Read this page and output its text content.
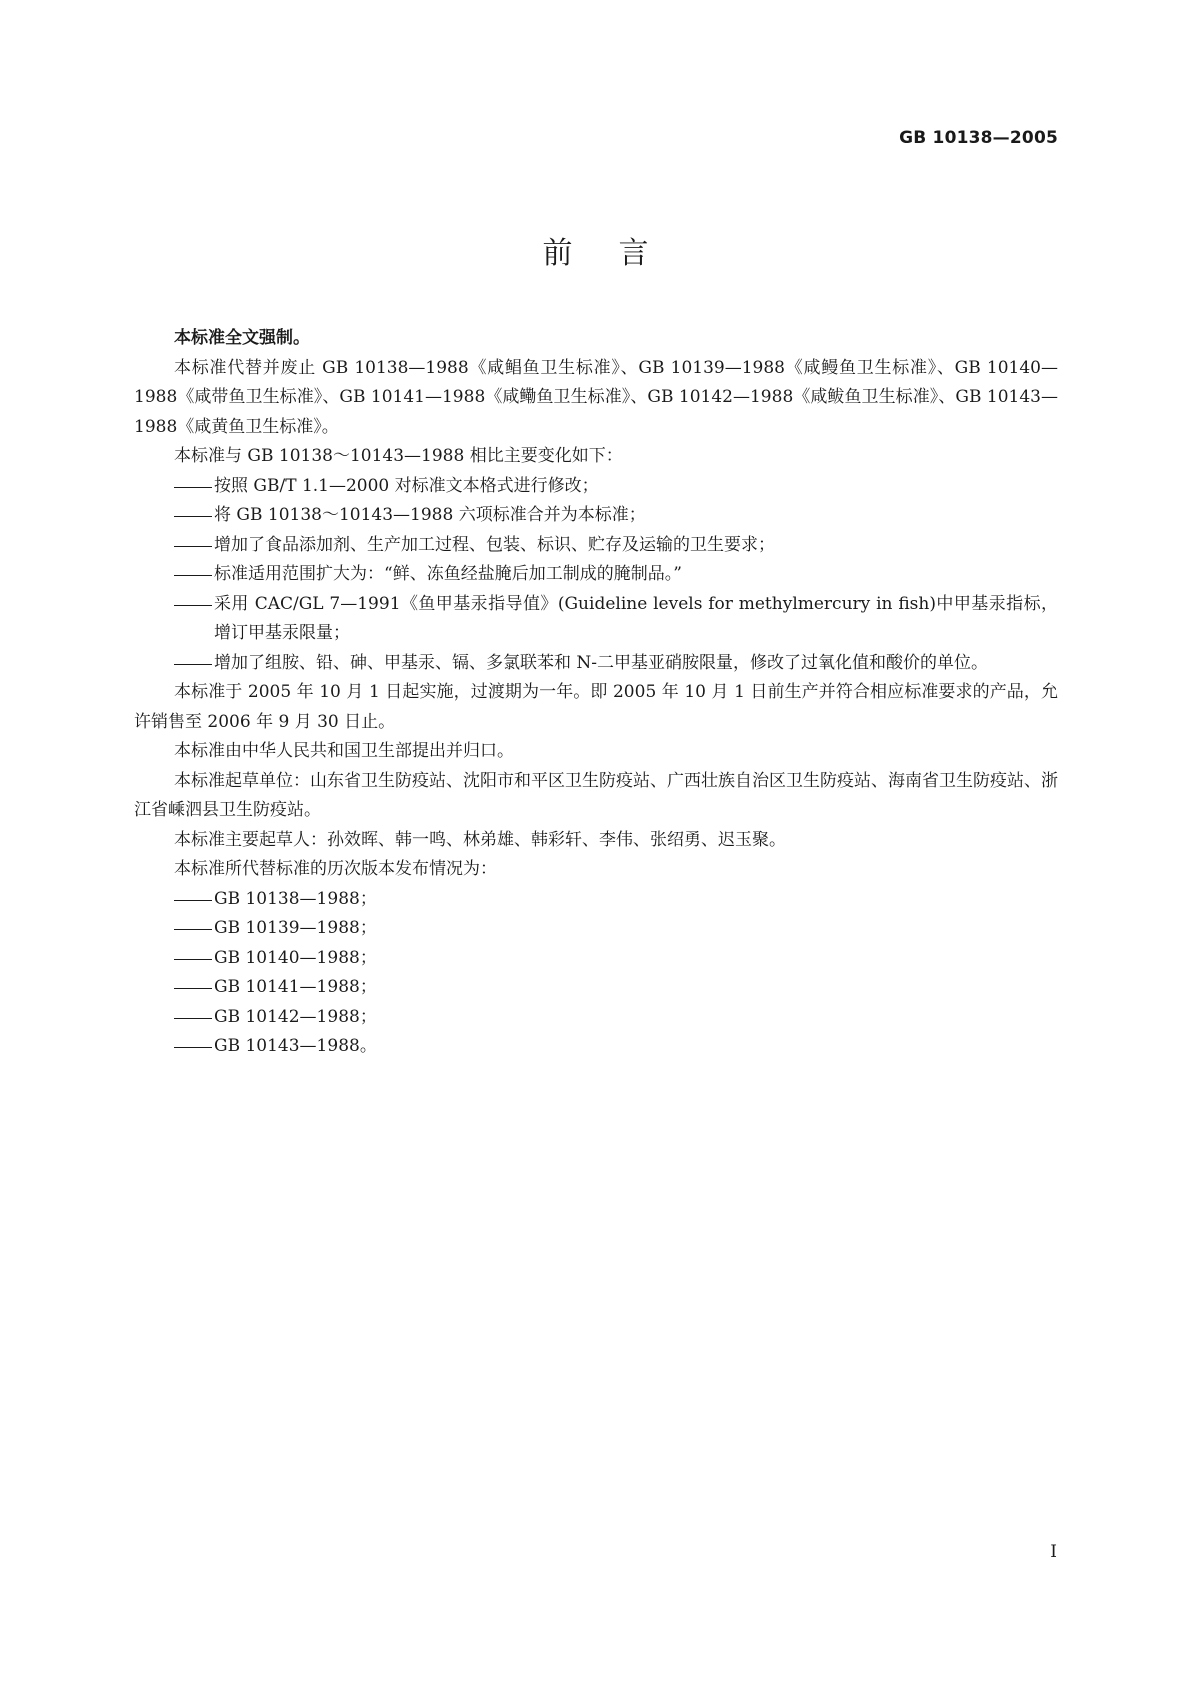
GB 10138—2005
前言

本标准全文强制。

本标准代替并废止 GB 10138—1988《咸鲳鱼卫生标准》、GB 10139—1988《咸鳗鱼卫生标准》、GB 10140—1988《咸带鱼卫生标准》、GB 10141—1988《咸鳓鱼卫生标准》、GB 10142—1988《咸鲅鱼卫生标准》、GB 10143—1988《咸黄鱼卫生标准》。

本标准与 GB 10138～10143—1988 相比主要变化如下：

按照 GB/T 1.1—2000 对标准文本格式进行修改；
将 GB 10138～10143—1988 六项标准合并为本标准；
增加了食品添加剂、生产加工过程、包装、标识、贮存及运输的卫生要求；
标准适用范围扩大为：“鲜、冻鱼经盐腌后加工制成的腌制品。”
采用 CAC/GL 7—1991《鱼甲基汞指导值》(Guideline levels for methylmercury in fish)中甲基汞指标，增订甲基汞限量；
增加了组胺、铅、砷、甲基汞、镉、多氯联苯和 N-二甲基亚硝胺限量，修改了过氧化值和酸价的单位。

本标准于 2005 年 10 月 1 日起实施，过渡期为一年。即 2005 年 10 月 1 日前生产并符合相应标准要求的产品，允许销售至 2006 年 9 月 30 日止。

本标准由中华人民共和国卫生部提出并归口。

本标准起草单位：山东省卫生防疫站、沈阳市和平区卫生防疫站、广西壮族自治区卫生防疫站、海南省卫生防疫站、浙江省嵊泗县卫生防疫站。

本标准主要起草人：孙效晖、韩一鸣、林弟雄、韩彩轩、李伟、张绍勇、迟玉聚。

本标准所代替标准的历次版本发布情况为：

GB 10138—1988；
GB 10139—1988；
GB 10140—1988；
GB 10141—1988；
GB 10142—1988；
GB 10143—1988。
I
